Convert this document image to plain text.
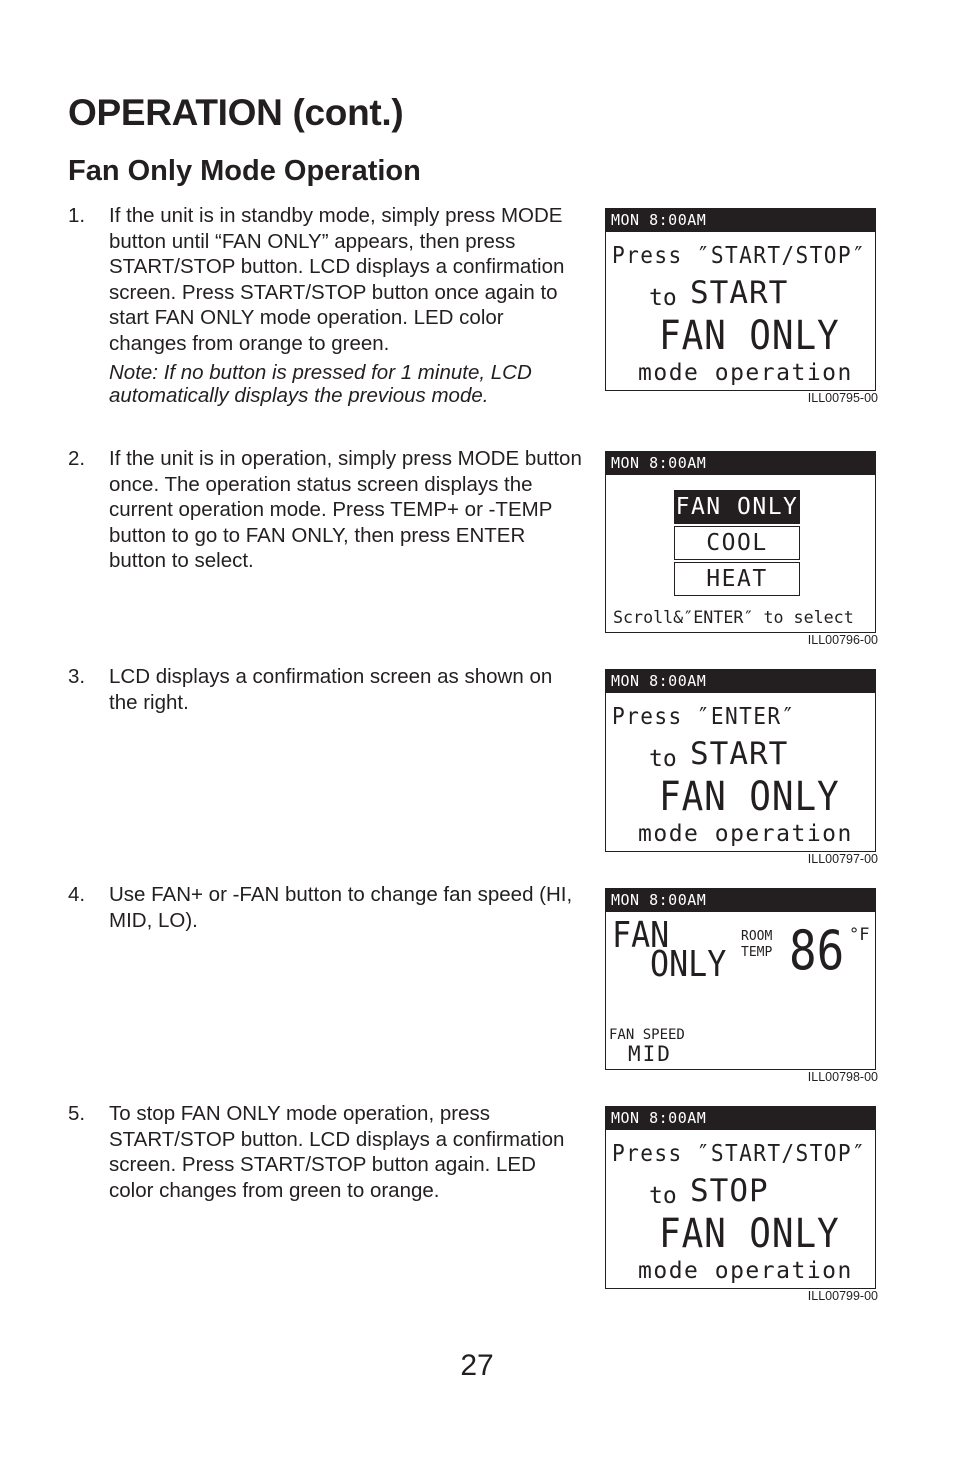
OPERATION (cont.)
Fan Only Mode Operation
1. If the unit is in standby mode, simply press MODE button until “FAN ONLY” appears, then press START/STOP button. LCD displays a confirmation screen. Press START/STOP button once again to start FAN ONLY mode operation. LED color changes from orange to green.
Note: If no button is pressed for 1 minute, LCD automatically displays the previous mode.
2. If the unit is in operation, simply press MODE button once. The operation status screen displays the current operation mode. Press TEMP+ or -TEMP button to go to FAN ONLY, then press ENTER button to select.
3. LCD displays a confirmation screen as shown on the right.
4. Use FAN+ or -FAN button to change fan speed (HI, MID, LO).
5. To stop FAN ONLY mode operation, press START/STOP button. LCD displays a confirmation screen. Press START/STOP button again. LED color changes from green to orange.
MON 8:00AM
Press ″START/STOP″
to START
FAN ONLY
mode operation
ILL00795-00
MON 8:00AM
FAN ONLY
COOL
HEAT
Scroll&″ENTER″ to select
ILL00796-00
MON 8:00AM
Press ″ENTER″
to START
FAN ONLY
mode operation
ILL00797-00
MON 8:00AM
FAN
ONLY
ROOM
TEMP 86 °F
FAN SPEED
MID
ILL00798-00
MON 8:00AM
Press ″START/STOP″
to STOP
FAN ONLY
mode operation
ILL00799-00
27
